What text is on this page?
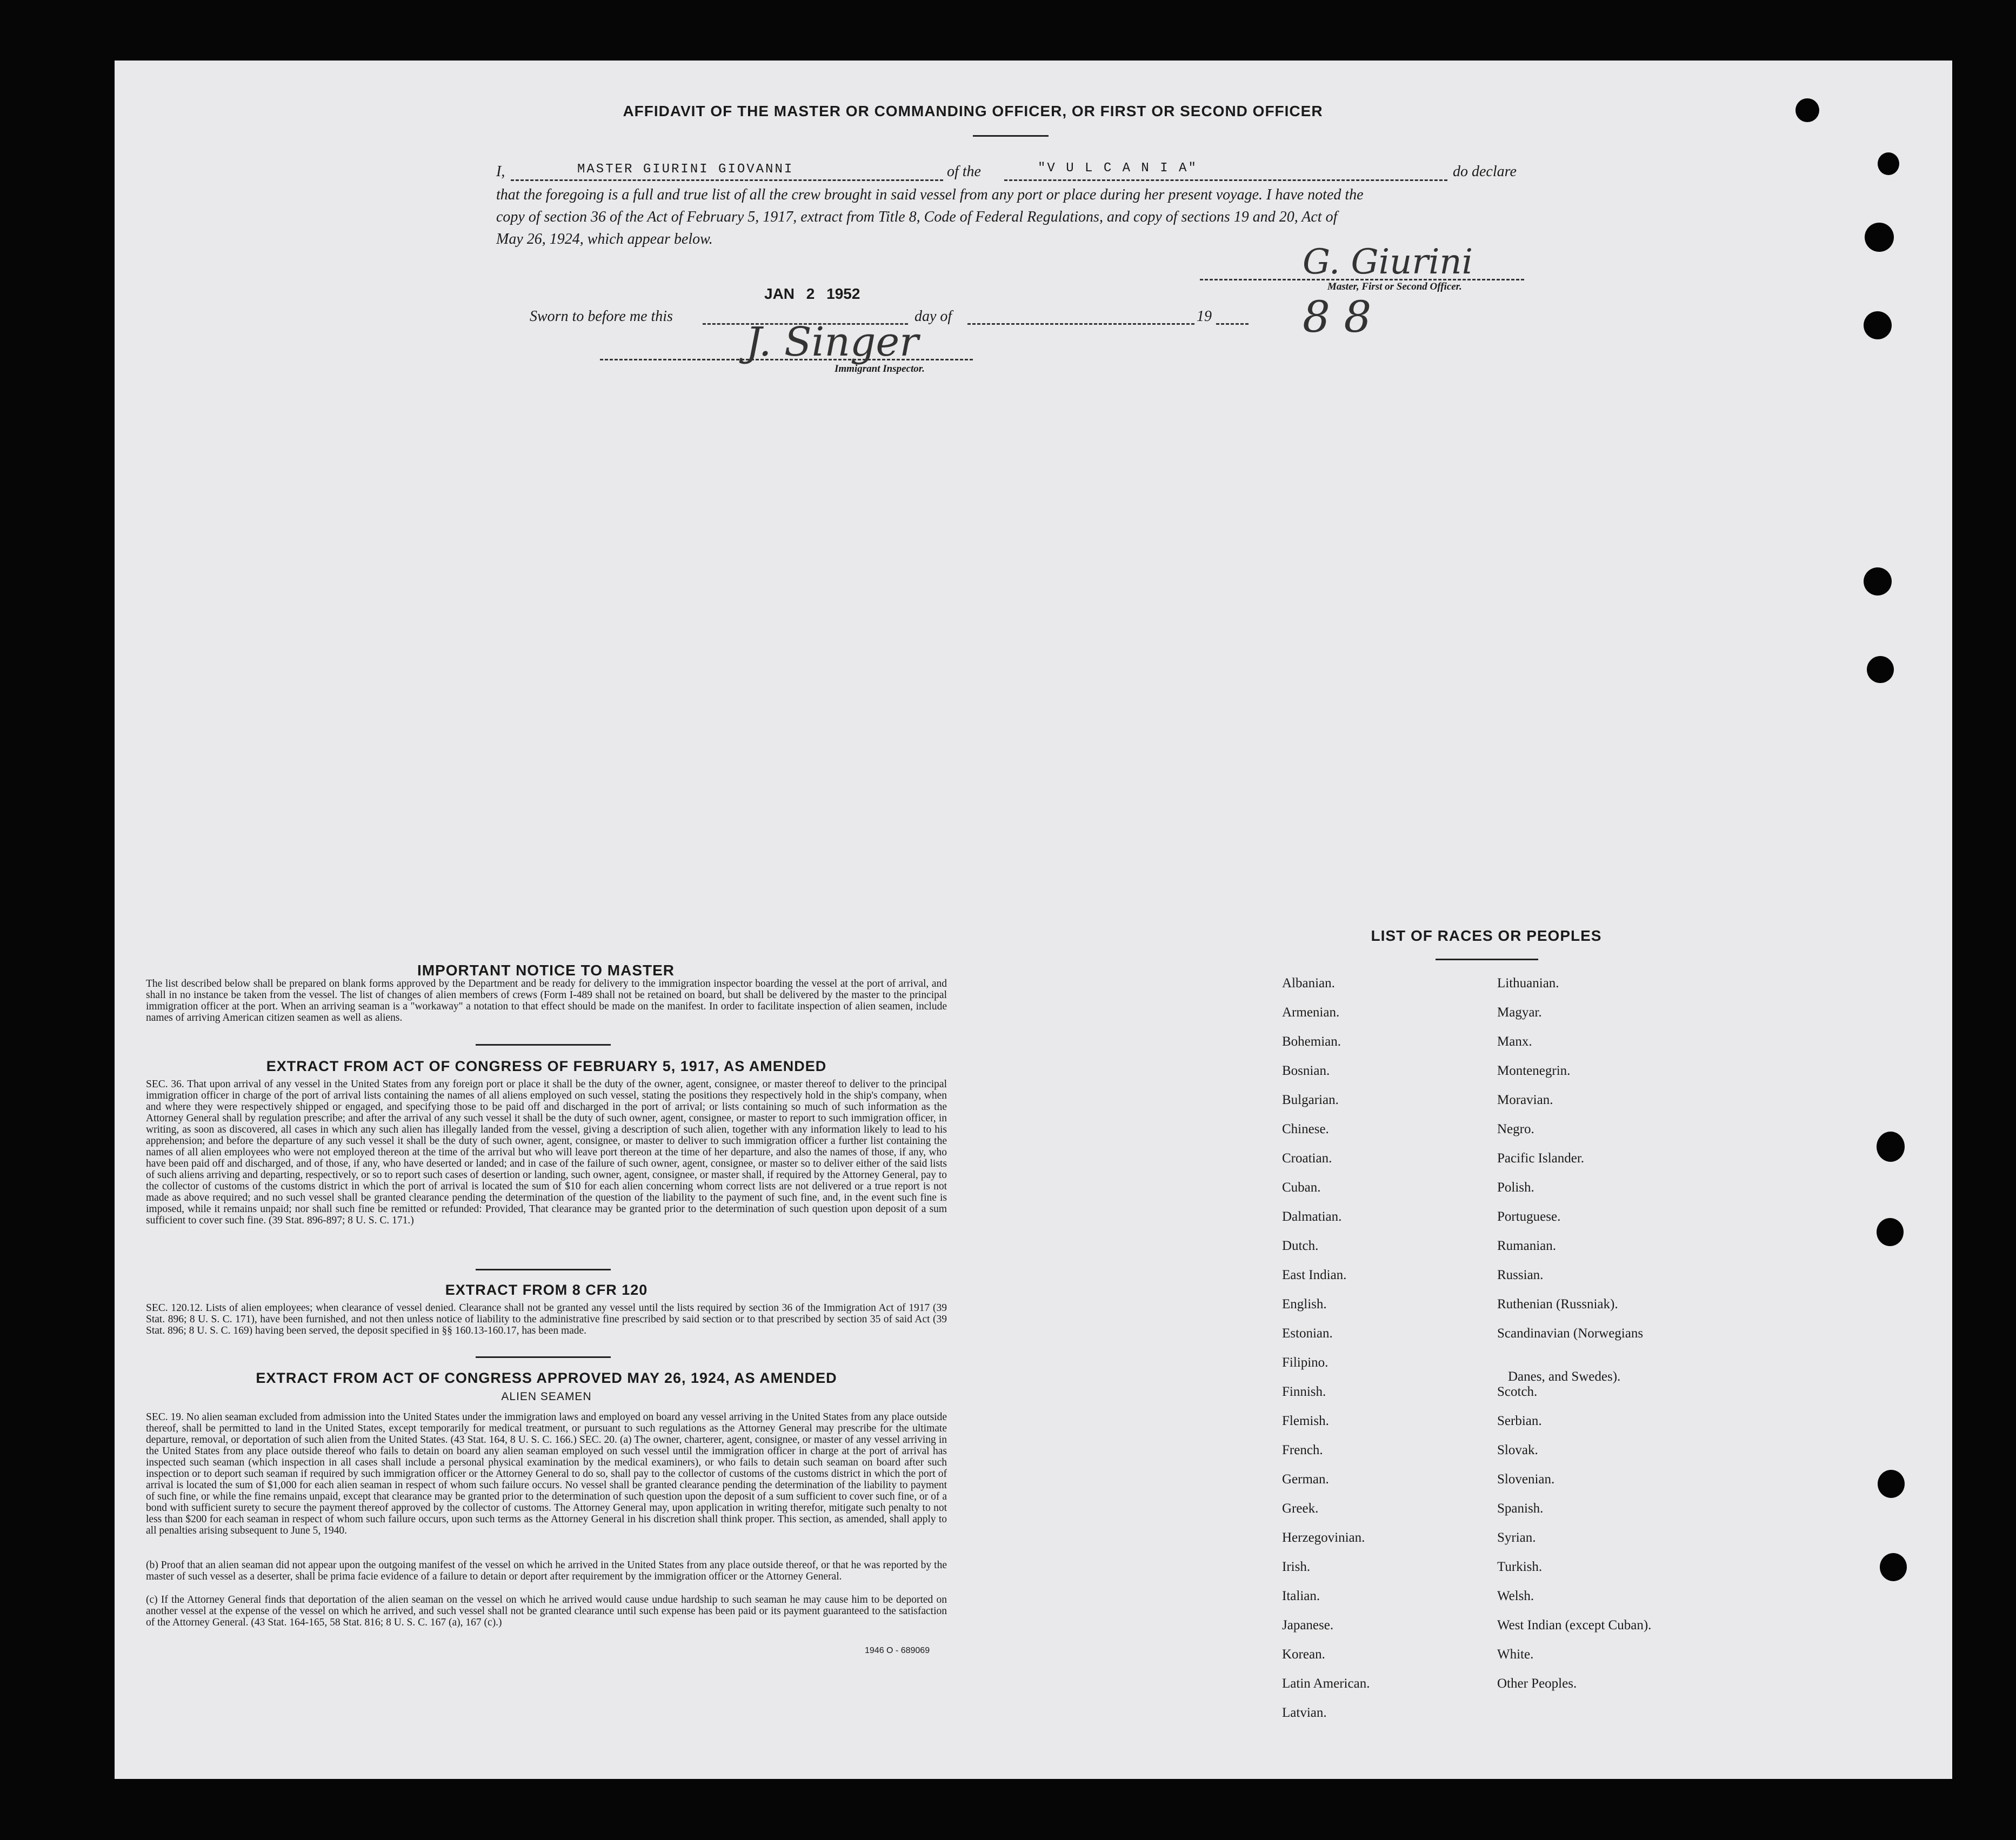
AFFIDAVIT OF THE MASTER OR COMMANDING OFFICER, OR FIRST OR SECOND OFFICER
I,	MASTER GIURINI GIOVANNI	of the	"V U L C A N I A"	do declare
that the foregoing is a full and true list of all the crew brought in said vessel from any port or place during her present voyage. I have noted the
copy of section 36 of the Act of February 5, 1917, extract from Title 8, Code of Federal Regulations, and copy of sections 19 and 20, Act of
May 26, 1924, which appear below.
G. Giurini
Master, First or Second Officer.
8 8
Sworn to before me this
JAN 2 1952
day of	19
J. Singer
Immigrant Inspector.
IMPORTANT NOTICE TO MASTER
The list described below shall be prepared on blank forms approved by the Department and be ready for delivery to the immigration inspector boarding the vessel at the port of arrival, and shall in no instance be taken from the vessel. The list of changes of alien members of crews (Form I-489 shall not be retained on board, but shall be delivered by the master to the principal immigration officer at the port. When an arriving seaman is a "workaway" a notation to that effect should be made on the manifest. In order to facilitate inspection of alien seamen, include names of arriving American citizen seamen as well as aliens.
EXTRACT FROM ACT OF CONGRESS OF FEBRUARY 5, 1917, AS AMENDED
SEC. 36. That upon arrival of any vessel in the United States from any foreign port or place it shall be the duty of the owner, agent, consignee, or master thereof to deliver to the principal immigration officer in charge of the port of arrival lists containing the names of all aliens employed on such vessel, stating the positions they respectively hold in the ship's company, when and where they were respectively shipped or engaged, and specifying those to be paid off and discharged in the port of arrival; or lists containing so much of such information as the Attorney General shall by regulation prescribe; and after the arrival of any such vessel it shall be the duty of such owner, agent, consignee, or master to report to such immigration officer, in writing, as soon as discovered, all cases in which any such alien has illegally landed from the vessel, giving a description of such alien, together with any information likely to lead to his apprehension; and before the departure of any such vessel it shall be the duty of such owner, agent, consignee, or master to deliver to such immigration officer a further list containing the names of all alien employees who were not employed thereon at the time of the arrival but who will leave port thereon at the time of her departure, and also the names of those, if any, who have been paid off and discharged, and of those, if any, who have deserted or landed; and in case of the failure of such owner, agent, consignee, or master so to deliver either of the said lists of such aliens arriving and departing, respectively, or so to report such cases of desertion or landing, such owner, agent, consignee, or master shall, if required by the Attorney General, pay to the collector of customs of the customs district in which the port of arrival is located the sum of $10 for each alien concerning whom correct lists are not delivered or a true report is not made as above required; and no such vessel shall be granted clearance pending the determination of the question of the liability to the payment of such fine, and, in the event such fine is imposed, while it remains unpaid; nor shall such fine be remitted or refunded: Provided, That clearance may be granted prior to the determination of such question upon deposit of a sum sufficient to cover such fine. (39 Stat. 896-897; 8 U. S. C. 171.)
EXTRACT FROM 8 CFR 120
SEC. 120.12. Lists of alien employees; when clearance of vessel denied. Clearance shall not be granted any vessel until the lists required by section 36 of the Immigration Act of 1917 (39 Stat. 896; 8 U. S. C. 171), have been furnished, and not then unless notice of liability to the administrative fine prescribed by said section or to that prescribed by section 35 of said Act (39 Stat. 896; 8 U. S. C. 169) having been served, the deposit specified in §§ 160.13-160.17, has been made.
EXTRACT FROM ACT OF CONGRESS APPROVED MAY 26, 1924, AS AMENDED
ALIEN SEAMEN
SEC. 19. No alien seaman excluded from admission into the United States under the immigration laws and employed on board any vessel arriving in the United States from any place outside thereof, shall be permitted to land in the United States, except temporarily for medical treatment, or pursuant to such regulations as the Attorney General may prescribe for the ultimate departure, removal, or deportation of such alien from the United States. (43 Stat. 164, 8 U. S. C. 166.) SEC. 20. (a) The owner, charterer, agent, consignee, or master of any vessel arriving in the United States from any place outside thereof who fails to detain on board any alien seaman employed on such vessel until the immigration officer in charge at the port of arrival has inspected such seaman (which inspection in all cases shall include a personal physical examination by the medical examiners), or who fails to detain such seaman on board after such inspection or to deport such seaman if required by such immigration officer or the Attorney General to do so, shall pay to the collector of customs of the customs district in which the port of arrival is located the sum of $1,000 for each alien seaman in respect of whom such failure occurs. No vessel shall be granted clearance pending the determination of the liability to payment of such fine, or while the fine remains unpaid, except that clearance may be granted prior to the determination of such question upon the deposit of a sum sufficient to cover such fine, or of a bond with sufficient surety to secure the payment thereof approved by the collector of customs. The Attorney General may, upon application in writing therefor, mitigate such penalty to not less than $200 for each seaman in respect of whom such failure occurs, upon such terms as the Attorney General in his discretion shall think proper. This section, as amended, shall apply to all penalties arising subsequent to June 5, 1940.
(b) Proof that an alien seaman did not appear upon the outgoing manifest of the vessel on which he arrived in the United States from any place outside thereof, or that he was reported by the master of such vessel as a deserter, shall be prima facie evidence of a failure to detain or deport after requirement by the immigration officer or the Attorney General.
(c) If the Attorney General finds that deportation of the alien seaman on the vessel on which he arrived would cause undue hardship to such seaman he may cause him to be deported on another vessel at the expense of the vessel on which he arrived, and such vessel shall not be granted clearance until such expense has been paid or its payment guaranteed to the satisfaction of the Attorney General. (43 Stat. 164-165, 58 Stat. 816; 8 U. S. C. 167 (a), 167 (c).)
1946 O - 689069
LIST OF RACES OR PEOPLES
Albanian.
Armenian.
Bohemian.
Bosnian.
Bulgarian.
Chinese.
Croatian.
Cuban.
Dalmatian.
Dutch.
East Indian.
English.
Estonian.
Filipino.
Finnish.
Flemish.
French.
German.
Greek.
Herzegovinian.
Irish.
Italian.
Japanese.
Korean.
Latin American.
Latvian.
Lithuanian.
Magyar.
Manx.
Montenegrin.
Moravian.
Negro.
Pacific Islander.
Polish.
Portuguese.
Rumanian.
Russian.
Ruthenian (Russniak).
Scandinavian (Norwegians
Danes, and Swedes).
Scotch.
Serbian.
Slovak.
Slovenian.
Spanish.
Syrian.
Turkish.
Welsh.
West Indian (except Cuban).
White.
Other Peoples.
